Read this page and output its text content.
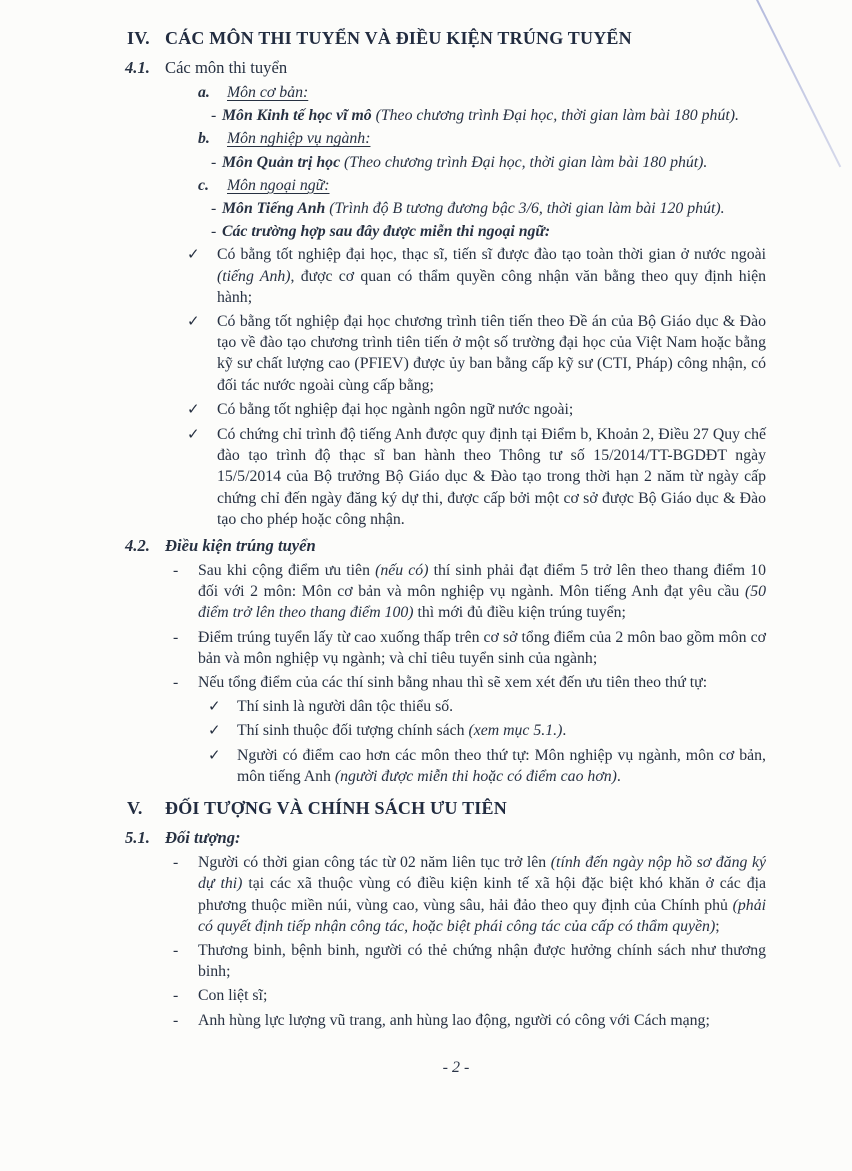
IV. CÁC MÔN THI TUYỂN VÀ ĐIỀU KIỆN TRÚNG TUYỂN
4.1. Các môn thi tuyển
a.	Môn cơ bản:
- Môn Kinh tế học vĩ mô (Theo chương trình Đại học, thời gian làm bài 180 phút).
b.	Môn nghiệp vụ ngành:
- Môn Quản trị học (Theo chương trình Đại học, thời gian làm bài 180 phút).
c.	Môn ngoại ngữ:
- Môn Tiếng Anh (Trình độ B tương đương bậc 3/6, thời gian làm bài 120 phút).
- Các trường hợp sau đây được miễn thi ngoại ngữ:
✓	Có bằng tốt nghiệp đại học, thạc sĩ, tiến sĩ được đào tạo toàn thời gian ở nước ngoài (tiếng Anh), được cơ quan có thẩm quyền công nhận văn bằng theo quy định hiện hành;
✓	Có bằng tốt nghiệp đại học chương trình tiên tiến theo Đề án của Bộ Giáo dục & Đào tạo về đào tạo chương trình tiên tiến ở một số trường đại học của Việt Nam hoặc bằng kỹ sư chất lượng cao (PFIEV) được ủy ban bằng cấp kỹ sư (CTI, Pháp) công nhận, có đối tác nước ngoài cùng cấp bằng;
✓	Có bằng tốt nghiệp đại học ngành ngôn ngữ nước ngoài;
✓	Có chứng chỉ trình độ tiếng Anh được quy định tại Điểm b, Khoản 2, Điều 27 Quy chế đào tạo trình độ thạc sĩ ban hành theo Thông tư số 15/2014/TT-BGDĐT ngày 15/5/2014 của Bộ trưởng Bộ Giáo dục & Đào tạo trong thời hạn 2 năm từ ngày cấp chứng chỉ đến ngày đăng ký dự thi, được cấp bởi một cơ sở được Bộ Giáo dục & Đào tạo cho phép hoặc công nhận.
4.2. Điều kiện trúng tuyển
-	Sau khi cộng điểm ưu tiên (nếu có) thí sinh phải đạt điểm 5 trở lên theo thang điểm 10 đối với 2 môn: Môn cơ bản và môn nghiệp vụ ngành. Môn tiếng Anh đạt yêu cầu (50 điểm trở lên theo thang điểm 100) thì mới đủ điều kiện trúng tuyển;
-	Điểm trúng tuyển lấy từ cao xuống thấp trên cơ sở tổng điểm của 2 môn bao gồm môn cơ bản và môn nghiệp vụ ngành; và chỉ tiêu tuyển sinh của ngành;
-	Nếu tổng điểm của các thí sinh bằng nhau thì sẽ xem xét đến ưu tiên theo thứ tự:
✓	Thí sinh là người dân tộc thiểu số.
✓	Thí sinh thuộc đối tượng chính sách (xem mục 5.1.).
✓	Người có điểm cao hơn các môn theo thứ tự: Môn nghiệp vụ ngành, môn cơ bản, môn tiếng Anh (người được miễn thi hoặc có điểm cao hơn).
V.	ĐỐI TƯỢNG VÀ CHÍNH SÁCH ƯU TIÊN
5.1. Đối tượng:
-	Người có thời gian công tác từ 02 năm liên tục trở lên (tính đến ngày nộp hồ sơ đăng ký dự thi) tại các xã thuộc vùng có điều kiện kinh tế xã hội đặc biệt khó khăn ở các địa phương thuộc miền núi, vùng cao, vùng sâu, hải đảo theo quy định của Chính phủ (phải có quyết định tiếp nhận công tác, hoặc biệt phái công tác của cấp có thẩm quyền);
-	Thương binh, bệnh binh, người có thẻ chứng nhận được hưởng chính sách như thương binh;
-	Con liệt sĩ;
-	Anh hùng lực lượng vũ trang, anh hùng lao động, người có công với Cách mạng;
- 2 -
